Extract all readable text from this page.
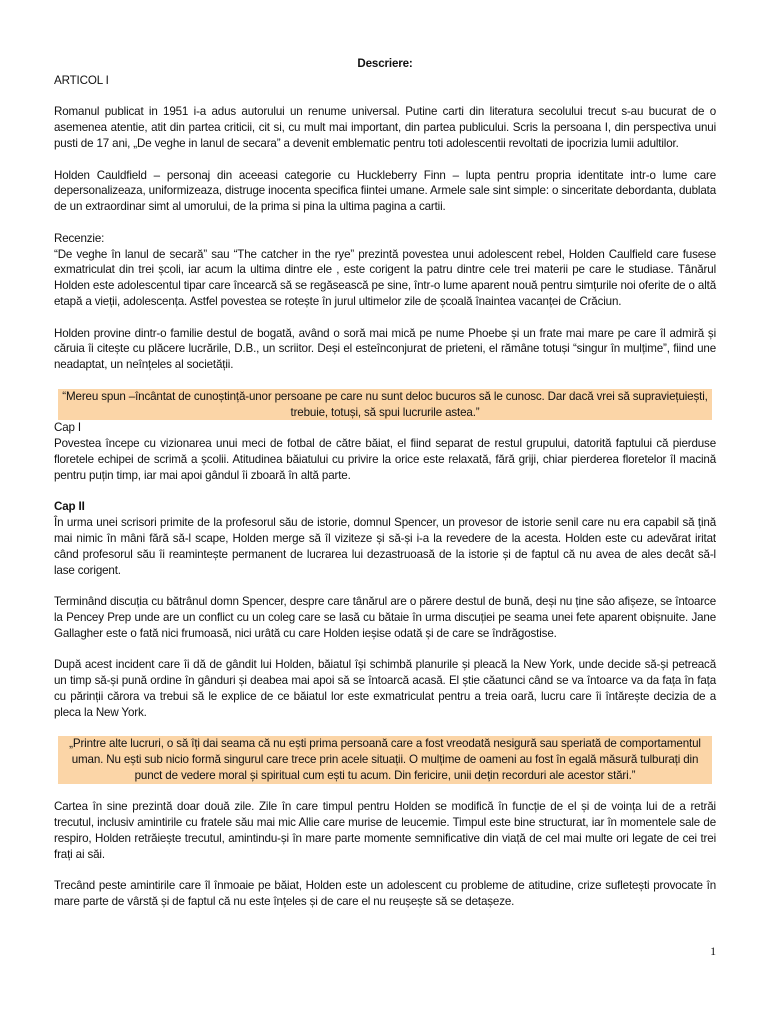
Descriere:

ARTICOL I

Romanul publicat in 1951 i-a adus autorului un renume universal. Putine carti din literatura secolului trecut s-au bucurat de o asemenea atentie, atit din partea criticii, cit si, cu mult mai important, din partea publicului. Scris la persoana I, din perspectiva unui pusti de 17 ani, „De veghe in lanul de secara” a devenit emblematic pentru toti adolescentii revoltati de ipocrizia lumii adultilor.

Holden Cauldfield – personaj din aceeasi categorie cu Huckleberry Finn – lupta pentru propria identitate intr-o lume care depersonalizeaza, uniformizeaza, distruge inocenta specifica fiintei umane. Armele sale sint simple: o sinceritate debordanta, dublata de un extraordinar simt al umorului, de la prima si pina la ultima pagina a cartii.

Recenzie:

“De veghe în lanul de secară” sau “The catcher in the rye” prezintă povestea unui adolescent rebel, Holden Caulfield care fusese exmatriculat din trei școli, iar acum la ultima dintre ele , este corigent la patru dintre cele trei materii pe care le studiase. Tânărul Holden este adolescentul tipar care încearcă să se regăsească pe sine, într-o lume aparent nouă pentru simțurile noi oferite de o altă etapă a vieții, adolescența. Astfel povestea se rotește în jurul ultimelor zile de școală înaintea vacanței de Crăciun.

Holden provine dintr-o familie destul de bogată, având o soră mai mică pe nume Phoebe și un frate mai mare pe care îl admiră și căruia îi citește cu plăcere lucrările, D.B., un scriitor. Deși el esteînconjurat de prieteni, el rămâne totuși “singur în mulțime”, fiind une neadaptat, un neînțeles al societății.

“Mereu spun –încântat de cunoștință-unor persoane pe care nu sunt deloc bucuros să le cunosc. Dar dacă vrei să supraviețuiești, trebuie, totuși, să spui lucrurile astea.”

Cap I

Povestea începe cu vizionarea unui meci de fotbal de către băiat, el fiind separat de restul grupului, datorită faptului că pierduse floretele echipei de scrimă a școlii. Atitudinea băiatului cu privire la orice este relaxată, fără griji, chiar pierderea floretelor îl macină pentru puțin timp, iar mai apoi gândul îi zboară în altă parte.

Cap II

În urma unei scrisori primite de la profesorul său de istorie, domnul Spencer, un provesor de istorie senil care nu era capabil să țină mai nimic în mâni fără să-l scape, Holden merge să îl viziteze și să-și i-a la revedere de la acesta. Holden este cu adevărat iritat când profesorul său îi reamintește permanent de lucrarea lui dezastruoasă de la istorie și de faptul că nu avea de ales decât să-l lase corigent.

Terminând discuția cu bătrânul domn Spencer, despre care tânărul are o părere destul de bună, deși nu ține sảo afișeze, se întoarce la Pencey Prep unde are un conflict cu un coleg care se lasă cu bătaie în urma discuției pe seama unei fete aparent obișnuite. Jane Gallagher este o fată nici frumoasă, nici urâtă cu care Holden ieșise odată și de care se îndrăgostise.

După acest incident care îi dă de gândit lui Holden, băiatul își schimbă planurile și pleacă la New York, unde decide să-și petreacă un timp să-și pună ordine în gânduri și deabea mai apoi să se întoarcă acasă. El știe căatunci când se va întoarce va da fața în fața cu părinții cărora va trebui să le explice de ce băiatul lor este exmatriculat pentru a treia oară, lucru care îi întărește decizia de a pleca la New York.

„Printre alte lucruri, o să îți dai seama că nu ești prima persoană care a fost vreodată nesigură sau speriată de comportamentul uman. Nu ești sub nicio formă singurul care trece prin acele situații. O mulțime de oameni au fost în egală măsură tulburați din punct de vedere moral și spiritual cum ești tu acum. Din fericire, unii dețin recorduri ale acestor stări.”

Cartea în sine prezintă doar două zile. Zile în care timpul pentru Holden se modifică în funcție de el și de voința lui de a retrăi trecutul, inclusiv amintirile cu fratele său mai mic Allie care murise de leucemie. Timpul este bine structurat, iar în momentele sale de respiro, Holden retrăiește trecutul, amintindu-și în mare parte momente semnificative din viață de cel mai multe ori legate de cei trei frați ai săi.

Trecând peste amintirile care îl înmoaie pe băiat, Holden este un adolescent cu probleme de atitudine, crize sufletești provocate în mare parte de vârstă și de faptul că nu este înțeles și de care el nu reușește să se detașeze.

1
